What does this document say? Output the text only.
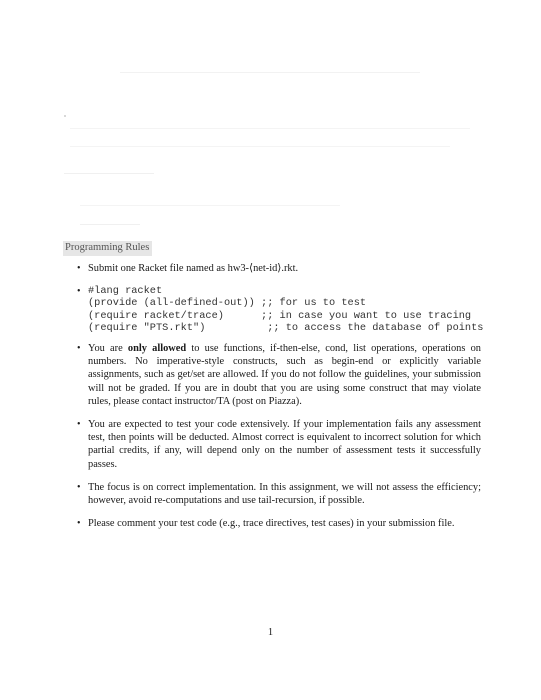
Programming Rules
• Submit one Racket file named as hw3-⟨net-id⟩.rkt.
• #lang racket
(provide (all-defined-out)) ;; for us to test
(require racket/trace)      ;; in case you want to use tracing
(require "PTS.rkt")          ;; to access the database of points
• You are only allowed to use functions, if-then-else, cond, list operations, operations on numbers. No imperative-style constructs, such as begin-end or explicitly variable assignments, such as get/set are allowed. If you do not follow the guidelines, your submission will not be graded. If you are in doubt that you are using some construct that may violate rules, please contact instructor/TA (post on Piazza).
• You are expected to test your code extensively. If your implementation fails any assessment test, then points will be deducted. Almost correct is equivalent to incorrect solution for which partial credits, if any, will depend only on the number of assessment tests it successfully passes.
• The focus is on correct implementation. In this assignment, we will not assess the efficiency; however, avoid re-computations and use tail-recursion, if possible.
• Please comment your test code (e.g., trace directives, test cases) in your submission file.
1
